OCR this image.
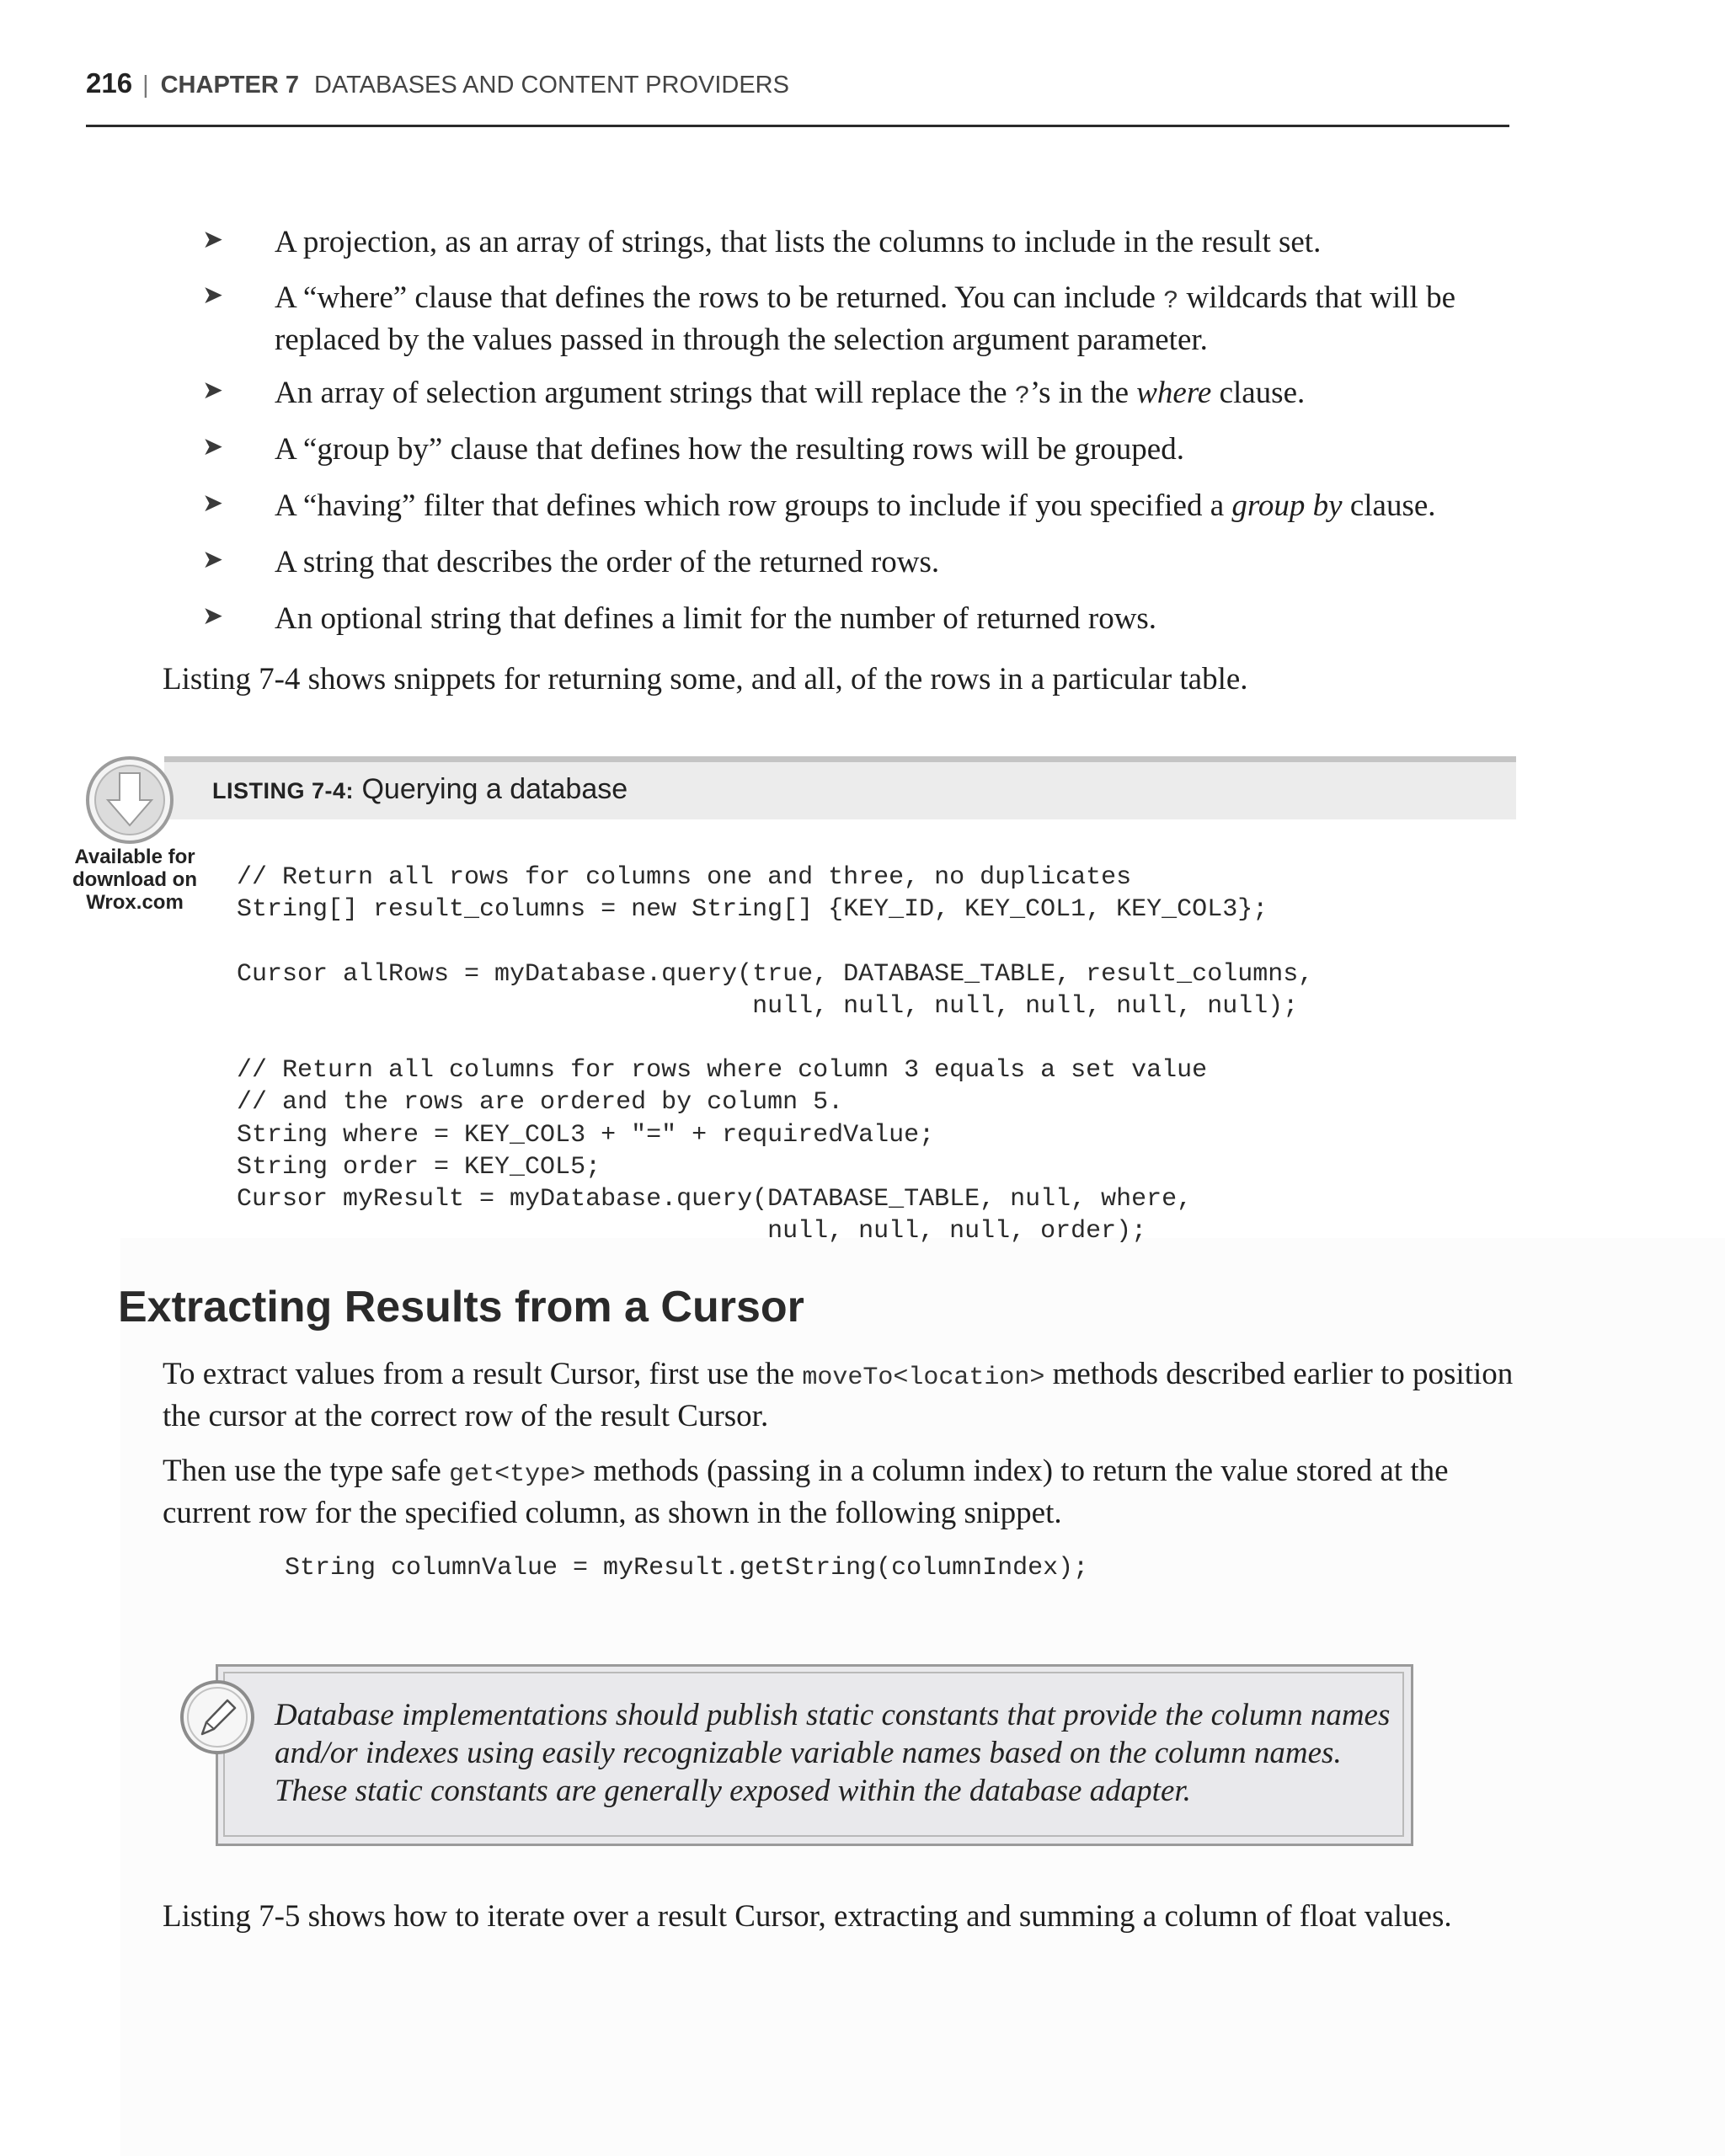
216 | CHAPTER 7 DATABASES AND CONTENT PROVIDERS
➤ A projection, as an array of strings, that lists the columns to include in the result set.
➤ A “where” clause that defines the rows to be returned. You can include ? wildcards that will be replaced by the values passed in through the selection argument parameter.
➤ An array of selection argument strings that will replace the ?’s in the where clause.
➤ A “group by” clause that defines how the resulting rows will be grouped.
➤ A “having” filter that defines which row groups to include if you specified a group by clause.
➤ A string that describes the order of the returned rows.
➤ An optional string that defines a limit for the number of returned rows.
Listing 7-4 shows snippets for returning some, and all, of the rows in a particular table.
LISTING 7-4: Querying a database
Available for
download on
Wrox.com
// Return all rows for columns one and three, no duplicates
String[] result_columns = new String[] {KEY_ID, KEY_COL1, KEY_COL3};

Cursor allRows = myDatabase.query(true, DATABASE_TABLE, result_columns,
null, null, null, null, null, null);

// Return all columns for rows where column 3 equals a set value
// and the rows are ordered by column 5.
String where = KEY_COL3 + "=" + requiredValue;
String order = KEY_COL5;
Cursor myResult = myDatabase.query(DATABASE_TABLE, null, where,
null, null, null, order);
Extracting Results from a Cursor
To extract values from a result Cursor, first use the moveTo<location> methods described earlier to position the cursor at the correct row of the result Cursor.
Then use the type safe get<type> methods (passing in a column index) to return the value stored at the current row for the specified column, as shown in the following snippet.
String columnValue = myResult.getString(columnIndex);
Database implementations should publish static constants that provide the column names and/or indexes using easily recognizable variable names based on the column names. These static constants are generally exposed within the database adapter.
Listing 7-5 shows how to iterate over a result Cursor, extracting and summing a column of float values.
